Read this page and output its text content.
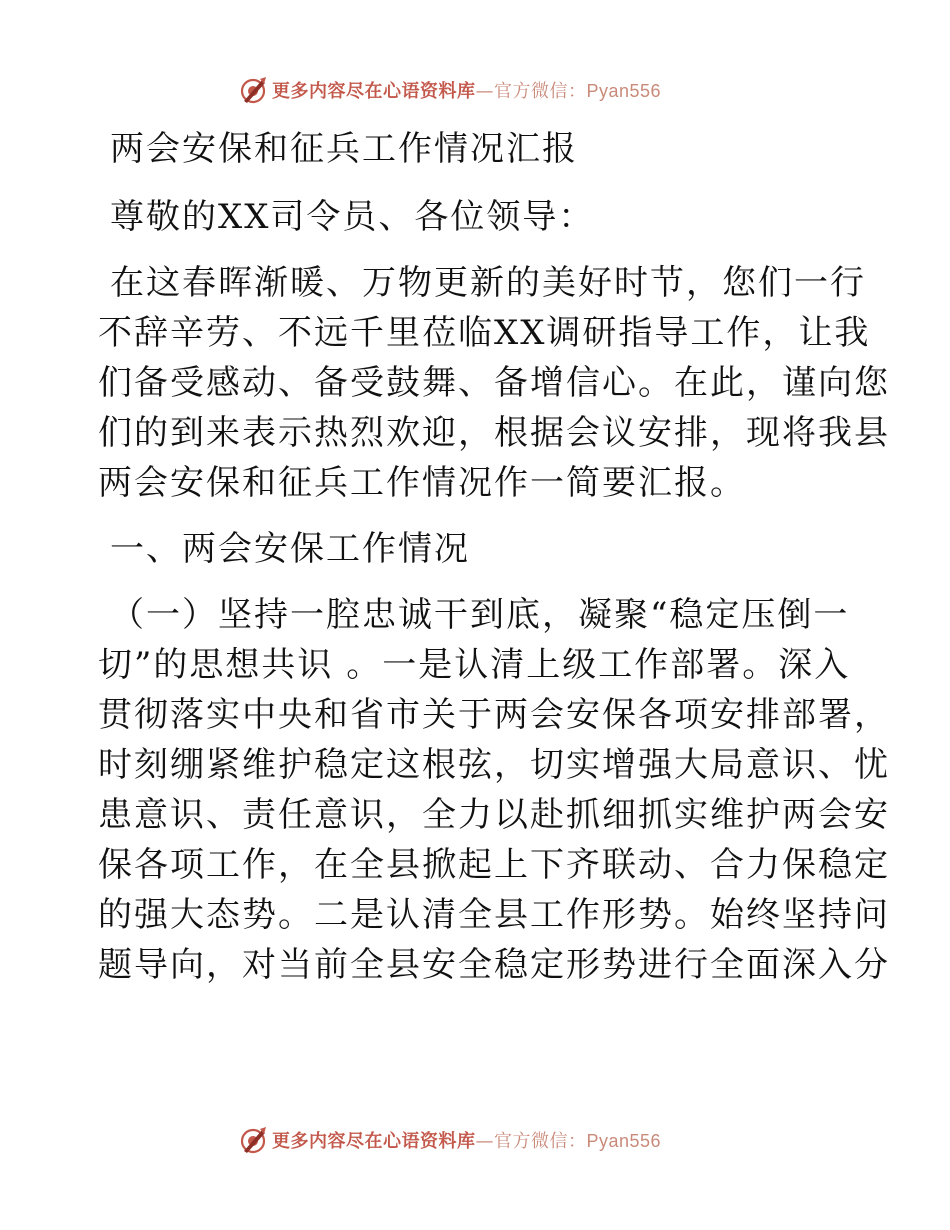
更多内容尽在心语资料库—官方微信：Pyan556
两会安保和征兵工作情况汇报
尊敬的XX司令员、各位领导：
在这春晖渐暖、万物更新的美好时节，您们一行
不辞辛劳、不远千里莅临XX调研指导工作，让我
们备受感动、备受鼓舞、备增信心。在此，谨向您
们的到来表示热烈欢迎，根据会议安排，现将我县
两会安保和征兵工作情况作一简要汇报。
一、两会安保工作情况
（一）坚持一腔忠诚干到底，凝聚“稳定压倒一
切”的思想共识 。一是认清上级工作部署。深入
贯彻落实中央和省市关于两会安保各项安排部署，
时刻绷紧维护稳定这根弦，切实增强大局意识、忧
患意识、责任意识，全力以赴抓细抓实维护两会安
保各项工作，在全县掀起上下齐联动、合力保稳定
的强大态势。二是认清全县工作形势。始终坚持问
题导向，对当前全县安全稳定形势进行全面深入分
更多内容尽在心语资料库—官方微信：Pyan556
